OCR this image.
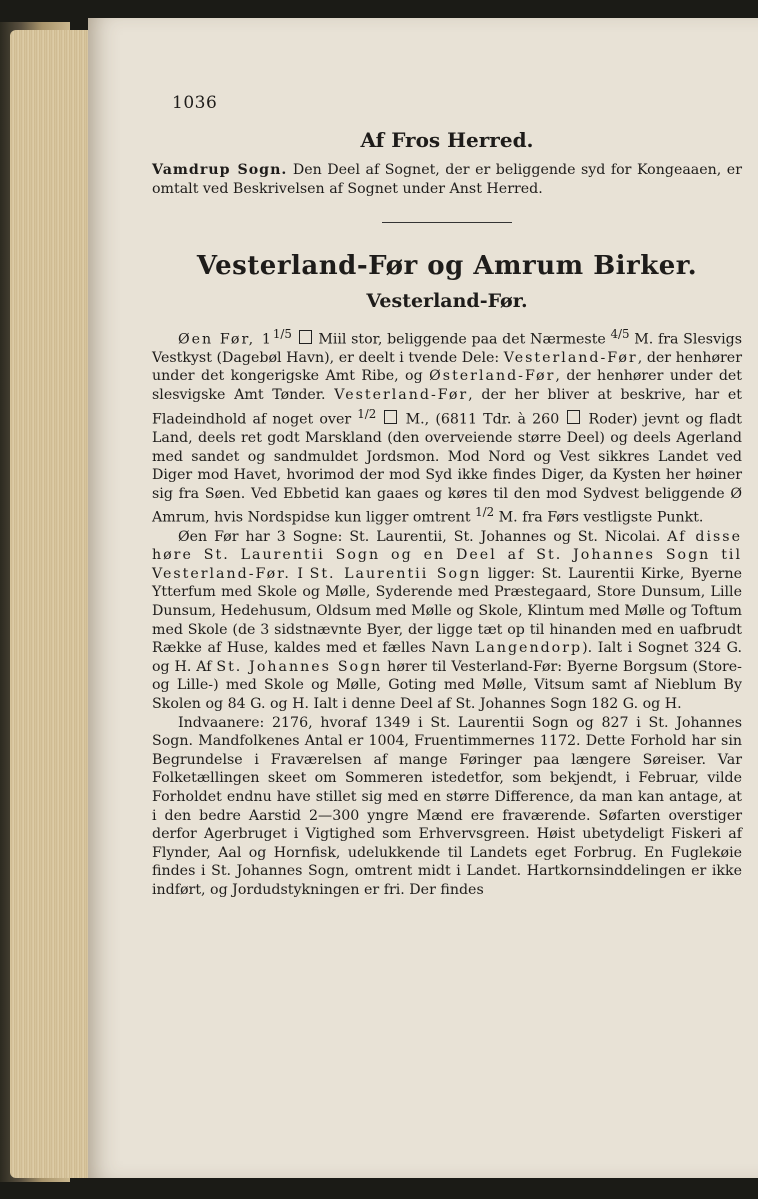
1036
Af Fros Herred.

Vamdrup Sogn. Den Deel af Sognet, der er beliggende syd for Kongeaaen, er omtalt ved Beskrivelsen af Sognet under Anst Herred.

Vesterland-Før og Amrum Birker.
Vesterland-Før.

Øen Før, $1^{1/5}$  Miil stor, beliggende paa det Nærmeste $^{4/5}$ M. fra Slesvigs Vestkyst (Dagebøl Havn), er deelt i tvende Dele: Vesterland-Før, der henhører under det kongerigske Amt Ribe, og Østerland-Før, der henhører under det slesvigske Amt Tønder. Vesterland-Før, der her bliver at beskrive, har et Fladeindhold af noget over $^{1/2}$  M., (6811 Tdr. à 260  Roder) jevnt og fladt Land, deels ret godt Marskland (den overveiende større Deel) og deels Agerland med sandet og sandmuldet Jordsmon. Mod Nord og Vest sikkres Landet ved Diger mod Havet, hvorimod der mod Syd ikke findes Diger, da Kysten her høiner sig fra Søen. Ved Ebbetid kan gaaes og køres til den mod Sydvest beliggende Ø Amrum, hvis Nordspidse kun ligger omtrent $^{1/2}$ M. fra Førs vestligste Punkt.

Øen Før har 3 Sogne: St. Laurentii, St. Johannes og St. Nicolai. Af disse høre St. Laurentii Sogn og en Deel af St. Johannes Sogn til Vesterland-Før. I St. Laurentii Sogn ligger: St. Laurentii Kirke, Byerne Ytterfum med Skole og Mølle, Syderende med Præstegaard, Store Dunsum, Lille Dunsum, Hedehusum, Oldsum med Mølle og Skole, Klintum med Mølle og Toftum med Skole (de 3 sidstnævnte Byer, der ligge tæt op til hinanden med en uafbrudt Række af Huse, kaldes med et fælles Navn Langendorp). Ialt i Sognet 324 G. og H. Af St. Johannes Sogn hører til Vesterland-Før: Byerne Borgsum (Store- og Lille-) med Skole og Mølle, Goting med Mølle, Vitsum samt af Nieblum By Skolen og 84 G. og H. Ialt i denne Deel af St. Johannes Sogn 182 G. og H.

Indvaanere: 2176, hvoraf 1349 i St. Laurentii Sogn og 827 i St. Johannes Sogn. Mandfolkenes Antal er 1004, Fruentimmernes 1172. Dette Forhold har sin Begrundelse i Fraværelsen af mange Føringer paa længere Søreiser. Var Folketællingen skeet om Sommeren istedetfor, som bekjendt, i Februar, vilde Forholdet endnu have stillet sig med en større Difference, da man kan antage, at i den bedre Aarstid 2—300 yngre Mænd ere fraværende. Søfarten overstiger derfor Agerbruget i Vigtighed som Erhvervsgreen. Høist ubetydeligt Fiskeri af Flynder, Aal og Hornfisk, udelukkende til Landets eget Forbrug. En Fuglekøie findes i St. Johannes Sogn, omtrent midt i Landet. Hartkornsinddelingen er ikke indført, og Jordudstykningen er fri. Der findes
